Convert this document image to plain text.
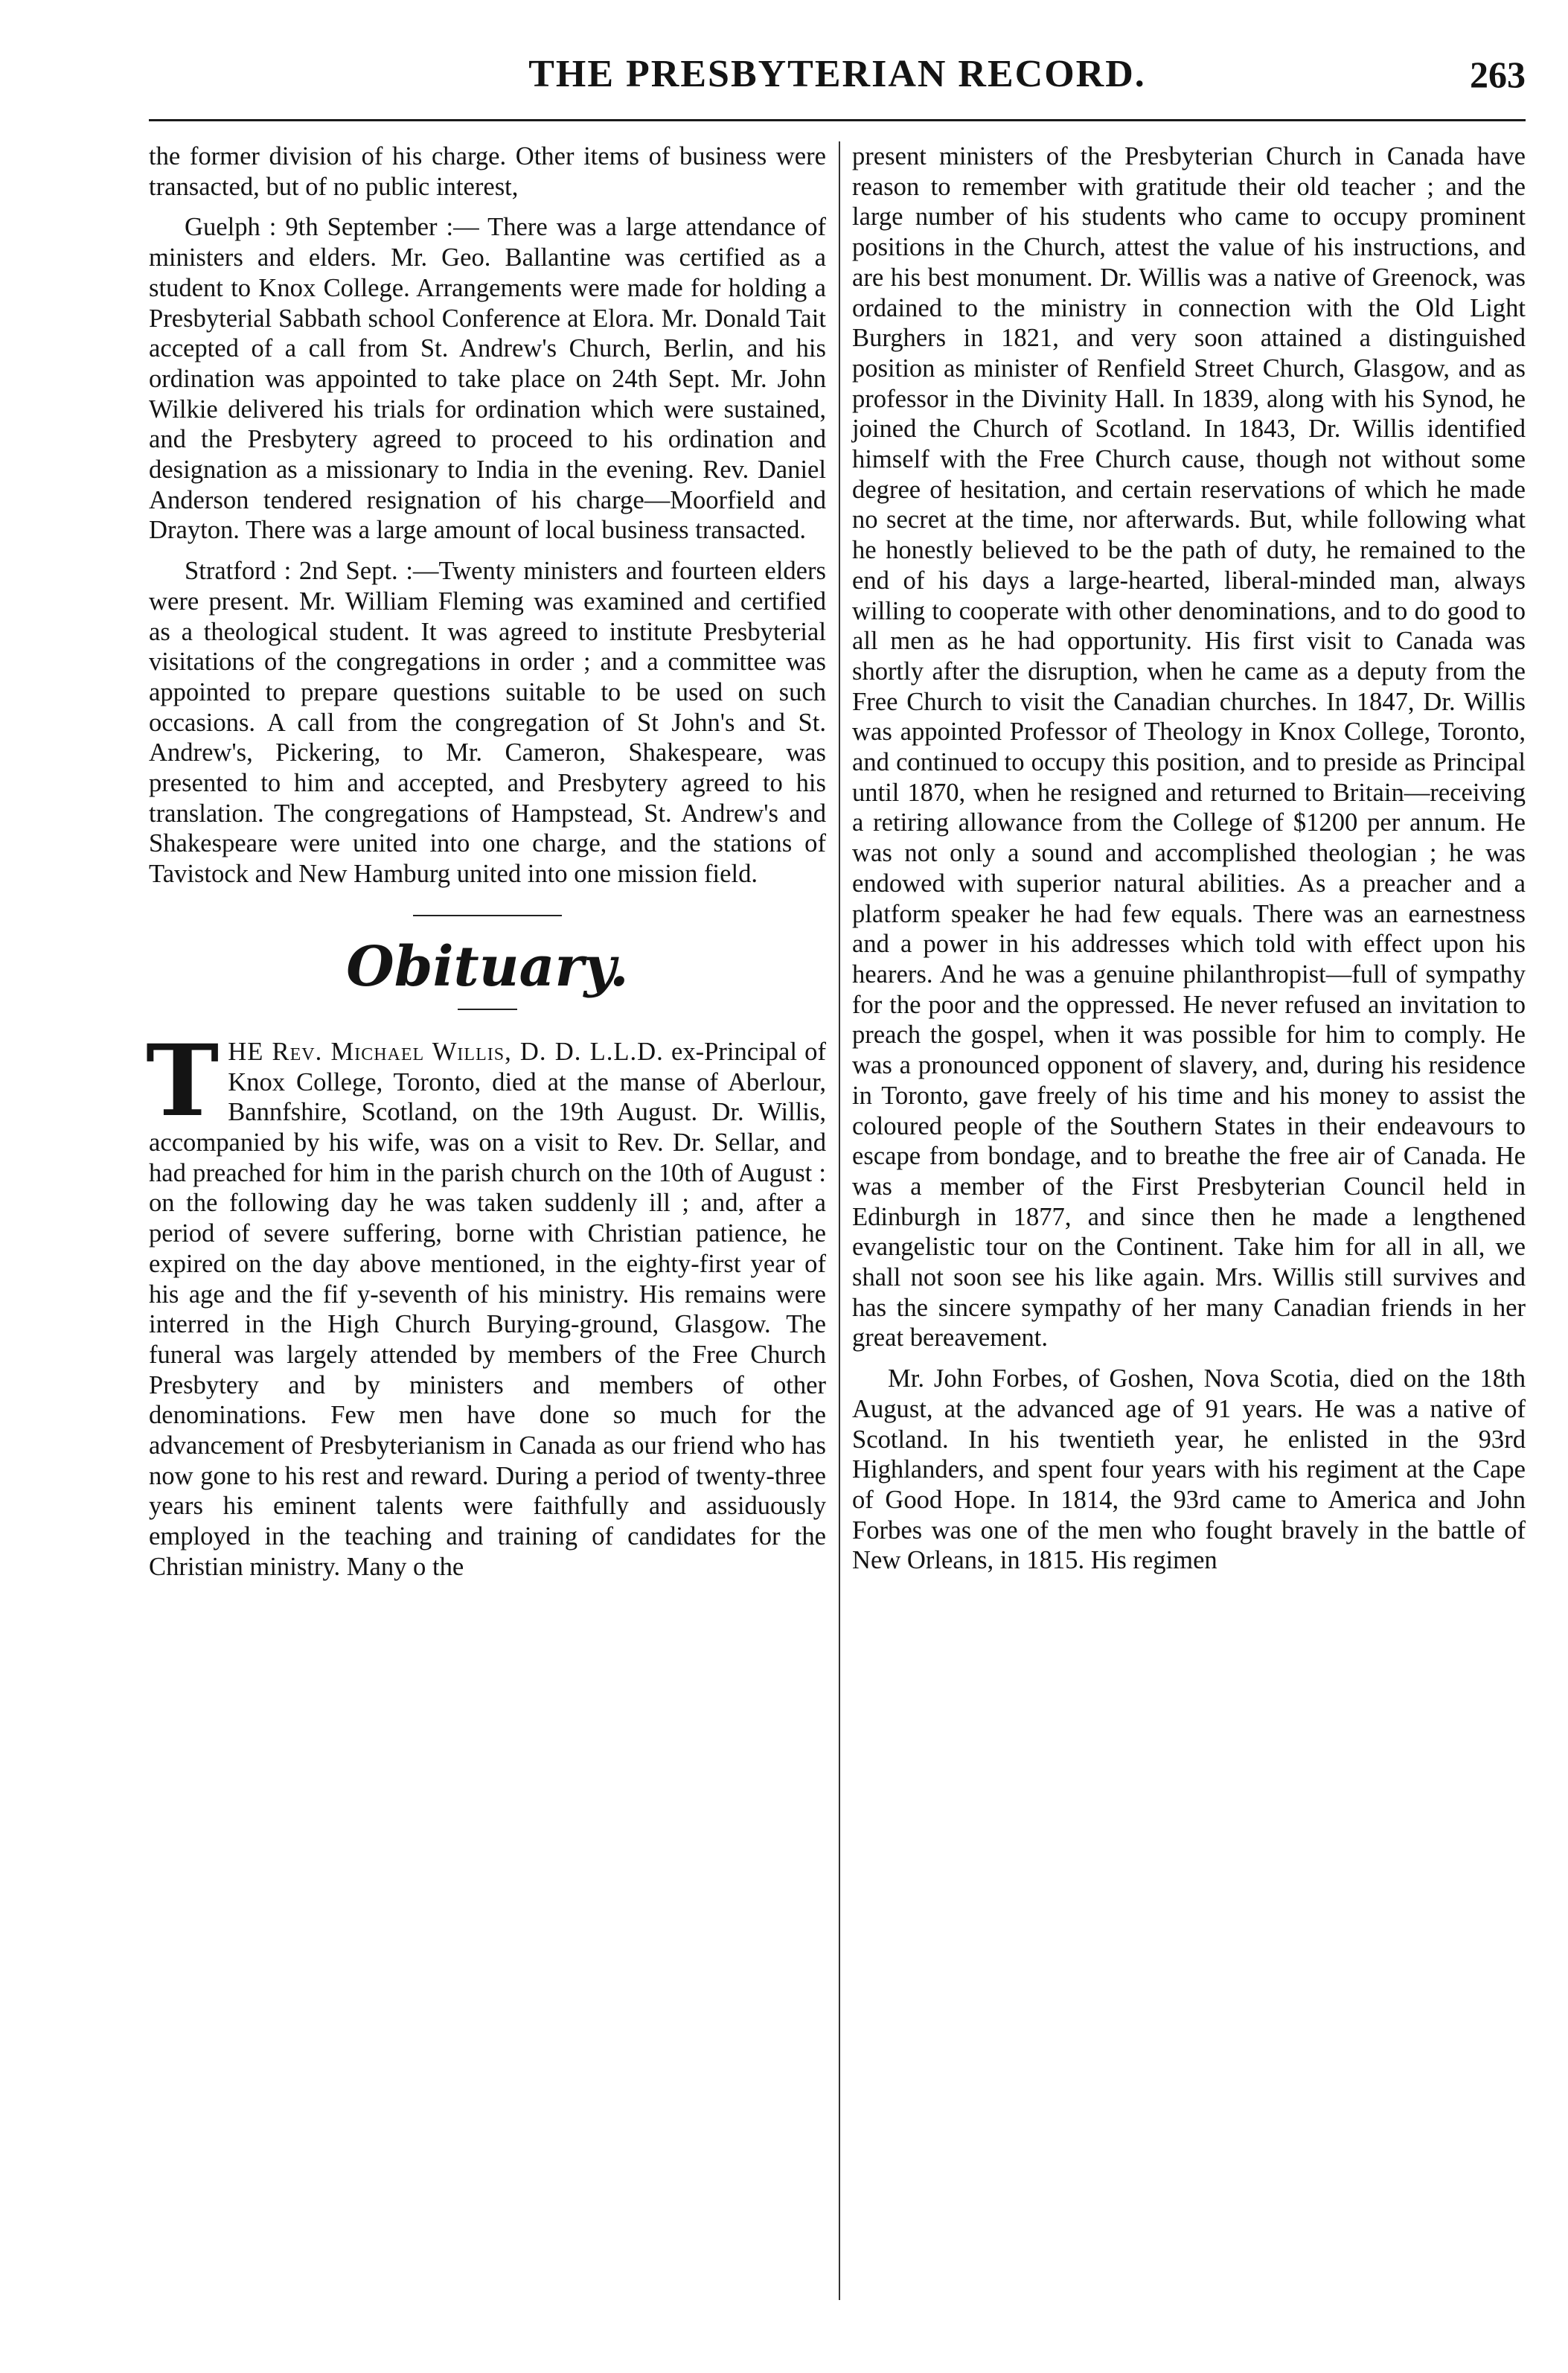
THE PRESBYTERIAN RECORD.	263

the former division of his charge. Other items of business were transacted, but of no public interest,

Guelph : 9th September :— There was a large attendance of ministers and elders. Mr. Geo. Ballantine was certified as a student to Knox College. Arrangements were made for holding a Presbyterial Sabbath school Conference at Elora. Mr. Donald Tait accepted of a call from St. Andrew's Church, Berlin, and his ordination was appointed to take place on 24th Sept. Mr. John Wilkie delivered his trials for ordination which were sustained, and the Presbytery agreed to proceed to his ordination and designation as a missionary to India in the evening. Rev. Daniel Anderson tendered resignation of his charge—Moorfield and Drayton. There was a large amount of local business transacted.

Stratford : 2nd Sept. :—Twenty ministers and fourteen elders were present. Mr. William Fleming was examined and certified as a theological student. It was agreed to institute Presbyterial visitations of the congregations in order ; and a committee was appointed to prepare questions suitable to be used on such occasions. A call from the congregation of St John's and St. Andrew's, Pickering, to Mr. Cameron, Shakespeare, was presented to him and accepted, and Presbytery agreed to his translation. The congregations of Hampstead, St. Andrew's and Shakespeare were united into one charge, and the stations of Tavistock and New Hamburg united into one mission field.

Obituary.

T HE Rev. Michael Willis, D. D. L.L.D. ex-Principal of Knox College, Toronto, died at the manse of Aberlour, Bannfshire, Scotland, on the 19th August. Dr. Willis, accompanied by his wife, was on a visit to Rev. Dr. Sellar, and had preached for him in the parish church on the 10th of August : on the following day he was taken suddenly ill ; and, after a period of severe suffering, borne with Christian patience, he expired on the day above mentioned, in the eighty-first year of his age and the fif y-seventh of his ministry. His remains were interred in the High Church Burying-ground, Glasgow. The funeral was largely attended by members of the Free Church Presbytery and by ministers and members of other denominations. Few men have done so much for the advancement of Presbyterianism in Canada as our friend who has now gone to his rest and reward. During a period of twenty-three years his eminent talents were faithfully and assiduously employed in the teaching and training of candidates for the Christian ministry. Many o the

present ministers of the Presbyterian Church in Canada have reason to remember with gratitude their old teacher ; and the large number of his students who came to occupy prominent positions in the Church, attest the value of his instructions, and are his best monument. Dr. Willis was a native of Greenock, was ordained to the ministry in connection with the Old Light Burghers in 1821, and very soon attained a distinguished position as minister of Renfield Street Church, Glasgow, and as professor in the Divinity Hall. In 1839, along with his Synod, he joined the Church of Scotland. In 1843, Dr. Willis identified himself with the Free Church cause, though not without some degree of hesitation, and certain reservations of which he made no secret at the time, nor afterwards. But, while following what he honestly believed to be the path of duty, he remained to the end of his days a large-hearted, liberal-minded man, always willing to cooperate with other denominations, and to do good to all men as he had opportunity. His first visit to Canada was shortly after the disruption, when he came as a deputy from the Free Church to visit the Canadian churches. In 1847, Dr. Willis was appointed Professor of Theology in Knox College, Toronto, and continued to occupy this position, and to preside as Principal until 1870, when he resigned and returned to Britain—receiving a retiring allowance from the College of $1200 per annum. He was not only a sound and accomplished theologian ; he was endowed with superior natural abilities. As a preacher and a platform speaker he had few equals. There was an earnestness and a power in his addresses which told with effect upon his hearers. And he was a genuine philanthropist—full of sympathy for the poor and the oppressed. He never refused an invitation to preach the gospel, when it was possible for him to comply. He was a pronounced opponent of slavery, and, during his residence in Toronto, gave freely of his time and his money to assist the coloured people of the Southern States in their endeavours to escape from bondage, and to breathe the free air of Canada. He was a member of the First Presbyterian Council held in Edinburgh in 1877, and since then he made a lengthened evangelistic tour on the Continent. Take him for all in all, we shall not soon see his like again. Mrs. Willis still survives and has the sincere sympathy of her many Canadian friends in her great bereavement.

Mr. John Forbes, of Goshen, Nova Scotia, died on the 18th August, at the advanced age of 91 years. He was a native of Scotland. In his twentieth year, he enlisted in the 93rd Highlanders, and spent four years with his regiment at the Cape of Good Hope. In 1814, the 93rd came to America and John Forbes was one of the men who fought bravely in the battle of New Orleans, in 1815. His regimen
